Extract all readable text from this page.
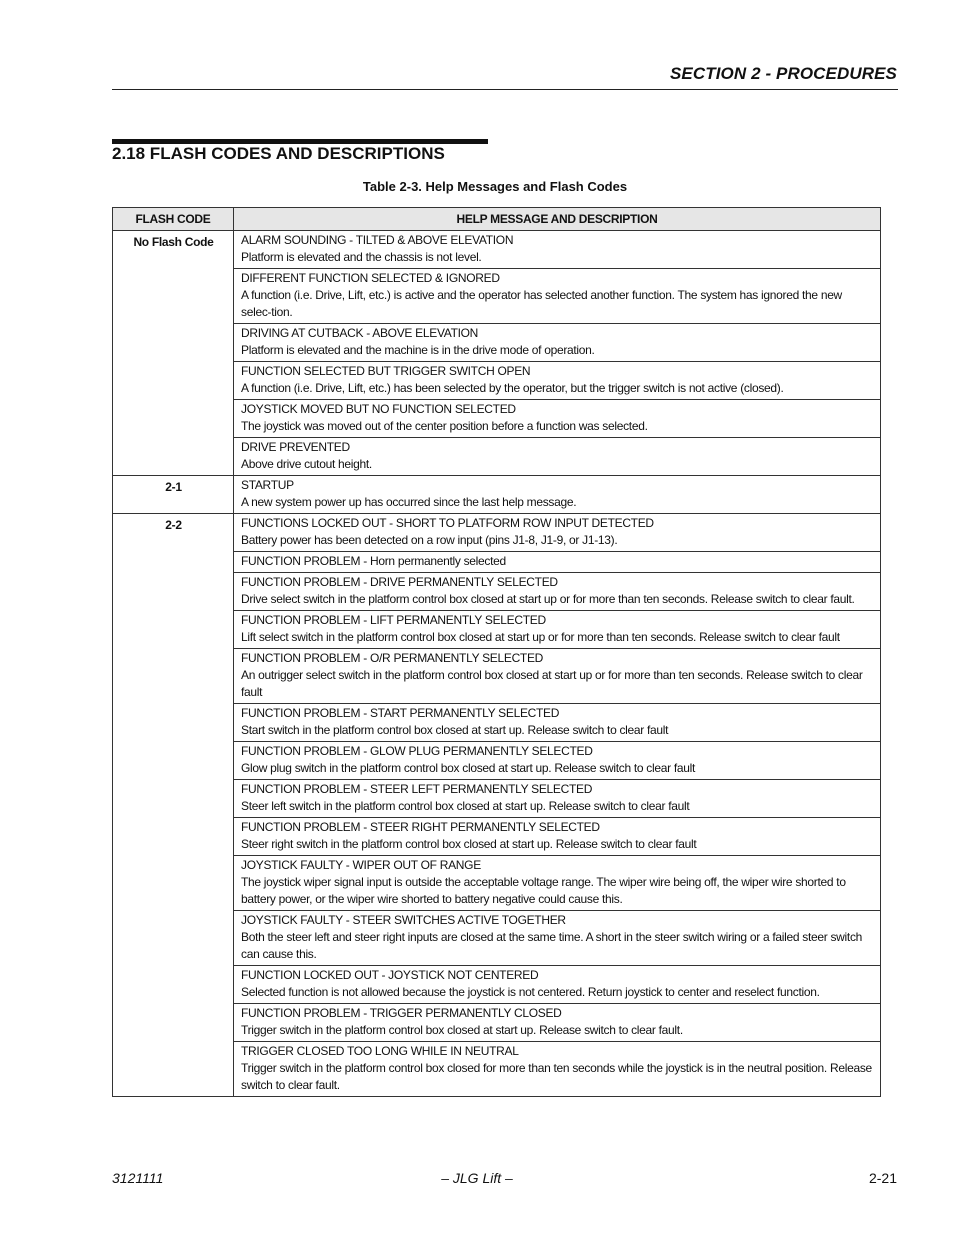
SECTION 2 - PROCEDURES
2.18 FLASH CODES AND DESCRIPTIONS
Table 2-3. Help Messages and Flash Codes
FLASH CODE	HELP MESSAGE AND DESCRIPTION
No Flash Code	ALARM SOUNDING - TILTED & ABOVE ELEVATION
Platform is elevated and the chassis is not level.

	DIFFERENT FUNCTION SELECTED & IGNORED
A function (i.e. Drive, Lift, etc.) is active and the operator has selected another function. The system has ignored the new selec-tion.

	DRIVING AT CUTBACK - ABOVE ELEVATION
Platform is elevated and the machine is in the drive mode of operation.

	FUNCTION SELECTED BUT TRIGGER SWITCH OPEN
A function (i.e. Drive, Lift, etc.) has been selected by the operator, but the trigger switch is not active (closed).

	JOYSTICK MOVED BUT NO FUNCTION SELECTED
The joystick was moved out of the center position before a function was selected.

	DRIVE PREVENTED
Above drive cutout height.

2-1	STARTUP
A new system power up has occurred since the last help message.

2-2	FUNCTIONS LOCKED OUT - SHORT TO PLATFORM ROW INPUT DETECTED
Battery power has been detected on a row input (pins J1-8, J1-9, or J1-13).

	FUNCTION PROBLEM - Horn permanently selected

	FUNCTION PROBLEM - DRIVE PERMANENTLY SELECTED
Drive select switch in the platform control box closed at start up or for more than ten seconds. Release switch to clear fault.

	FUNCTION PROBLEM - LIFT PERMANENTLY SELECTED
Lift select switch in the platform control box closed at start up or for more than ten seconds. Release switch to clear fault

	FUNCTION PROBLEM - O/R PERMANENTLY SELECTED
An outrigger select switch in the platform control box closed at start up or for more than ten seconds. Release switch to clear fault

	FUNCTION PROBLEM - START PERMANENTLY SELECTED
Start switch in the platform control box closed at start up. Release switch to clear fault

	FUNCTION PROBLEM - GLOW PLUG PERMANENTLY SELECTED
Glow plug switch in the platform control box closed at start up. Release switch to clear fault

	FUNCTION PROBLEM - STEER LEFT PERMANENTLY SELECTED
Steer left switch in the platform control box closed at start up. Release switch to clear fault

	FUNCTION PROBLEM - STEER RIGHT PERMANENTLY SELECTED
Steer right switch in the platform control box closed at start up. Release switch to clear fault

	JOYSTICK FAULTY - WIPER OUT OF RANGE
The joystick wiper signal input is outside the acceptable voltage range. The wiper wire being off, the wiper wire shorted to battery power, or the wiper wire shorted to battery negative could cause this.

	JOYSTICK FAULTY - STEER SWITCHES ACTIVE TOGETHER
Both the steer left and steer right inputs are closed at the same time. A short in the steer switch wiring or a failed steer switch can cause this.

	FUNCTION LOCKED OUT - JOYSTICK NOT CENTERED
Selected function is not allowed because the joystick is not centered. Return joystick to center and reselect function.

	FUNCTION PROBLEM - TRIGGER PERMANENTLY CLOSED
Trigger switch in the platform control box closed at start up. Release switch to clear fault.

	TRIGGER CLOSED TOO LONG WHILE IN NEUTRAL
Trigger switch in the platform control box closed for more than ten seconds while the joystick is in the neutral position. Release switch to clear fault.
3121111	– JLG Lift –	2-21
